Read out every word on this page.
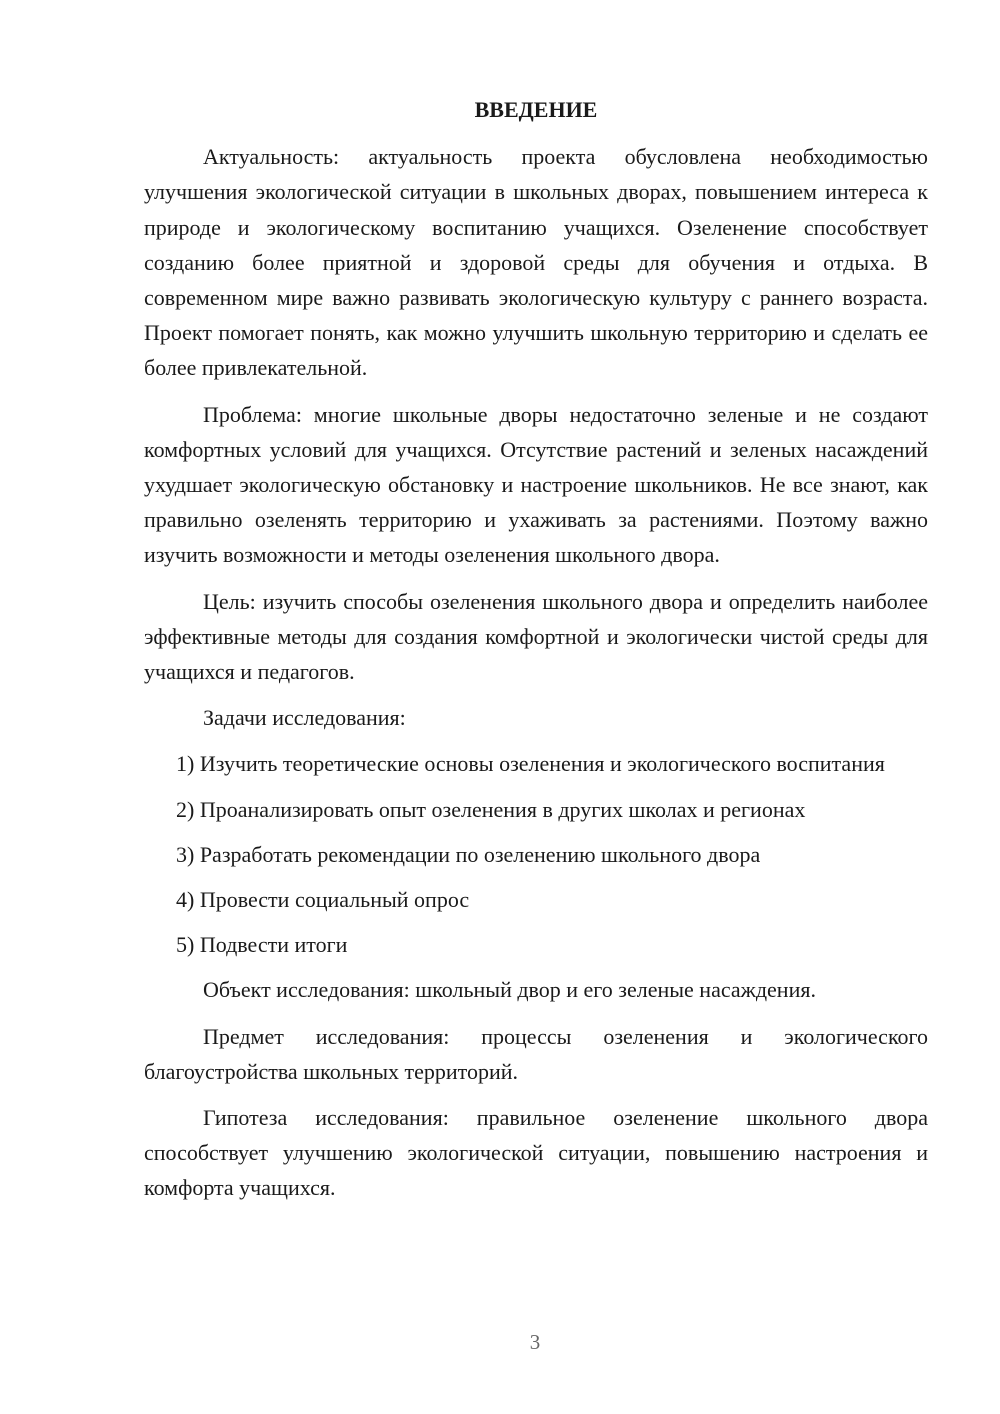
ВВЕДЕНИЕ

Актуальность: актуальность проекта обусловлена необходимостью улучшения экологической ситуации в школьных дворах, повышением интереса к природе и экологическому воспитанию учащихся. Озеленение способствует созданию более приятной и здоровой среды для обучения и отдыха. В современном мире важно развивать экологическую культуру с раннего возраста. Проект помогает понять, как можно улучшить школьную территорию и сделать ее более привлекательной.

Проблема: многие школьные дворы недостаточно зеленые и не создают комфортных условий для учащихся. Отсутствие растений и зеленых насаждений ухудшает экологическую обстановку и настроение школьников. Не все знают, как правильно озеленять территорию и ухаживать за растениями. Поэтому важно изучить возможности и методы озеленения школьного двора.

Цель: изучить способы озеленения школьного двора и определить наиболее эффективные методы для создания комфортной и экологически чистой среды для учащихся и педагогов.

Задачи исследования:

1) Изучить теоретические основы озеленения и экологического воспитания

2) Проанализировать опыт озеленения в других школах и регионах

3) Разработать рекомендации по озеленению школьного двора

4) Провести социальный опрос

5) Подвести итоги

Объект исследования: школьный двор и его зеленые насаждения.

Предмет исследования: процессы озеленения и экологического благоустройства школьных территорий.

Гипотеза исследования: правильное озеленение школьного двора способствует улучшению экологической ситуации, повышению настроения и комфорта учащихся.

3
